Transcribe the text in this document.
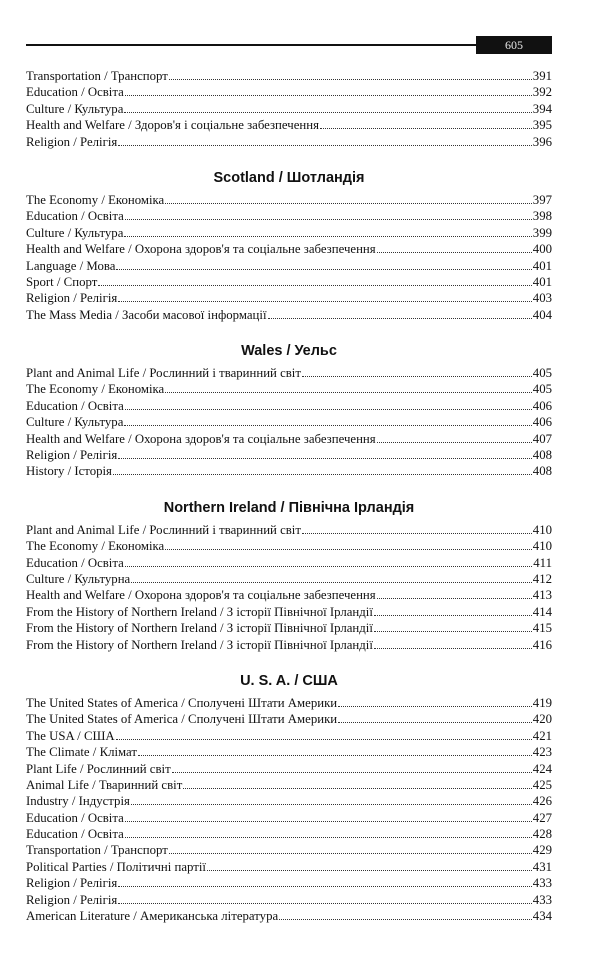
605
Transportation / Транспорт	391
Education / Освіта	392
Culture / Культура	394
Health and Welfare / Здоров'я і соціальне забезпечення	395
Religion / Релігія	396
Scotland / Шотландія
The Economy / Економіка	397
Education / Освіта	398
Culture / Культура	399
Health and Welfare / Охорона здоров'я та соціальне забезпечення	400
Language / Мова	401
Sport / Спорт	401
Religion / Релігія	403
The Mass Media / Засоби масової інформації	404
Wales / Уельс
Plant and Animal Life / Рослинний і тваринний світ	405
The Economy / Економіка	405
Education / Освіта	406
Culture / Культура	406
Health and Welfare / Охорона здоров'я та соціальне забезпечення	407
Religion / Релігія	408
History / Історія	408
Northern Ireland / Північна Ірландія
Plant and Animal Life / Рослинний і тваринний світ	410
The Economy / Економіка	410
Education / Освіта	411
Culture / Культурна	412
Health and Welfare / Охорона здоров'я та соціальне забезпечення	413
From the History of Northern Ireland / З історії Північної Ірландії	414
From the History of Northern Ireland / З історії Північної Ірландії	415
From the History of Northern Ireland / З історії Північної Ірландії	416
U. S. A. / США
The United States of America / Сполучені Штати Америки	419
The United States of America / Сполучені Штати Америки	420
The USA / США	421
The Climate / Клімат	423
Plant Life / Рослинний світ	424
Animal Life / Тваринний світ	425
Industry / Індустрія	426
Education / Освіта	427
Education / Освіта	428
Transportation / Транспорт	429
Political Parties / Політичні партії	431
Religion / Релігія	433
Religion / Релігія	433
American Literature / Американська література	434
